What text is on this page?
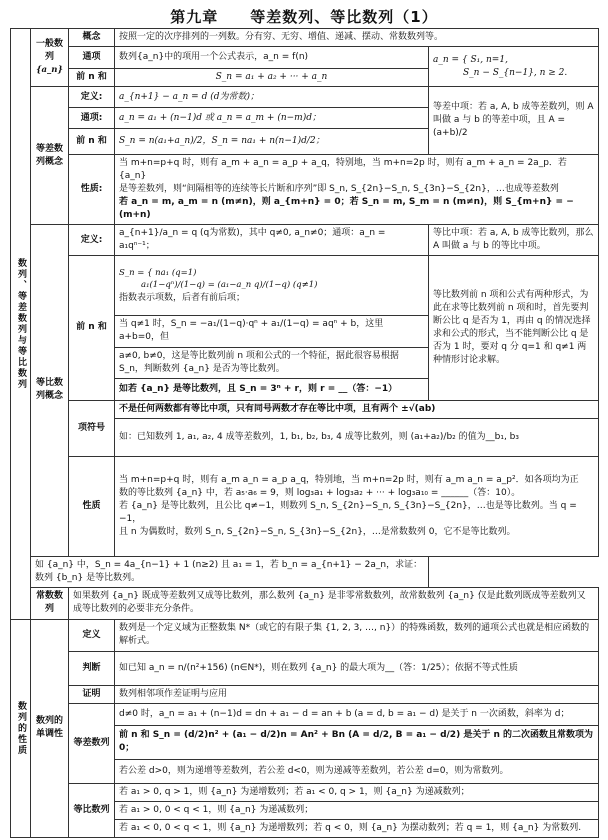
第九章　　等差数列、等比数列（1）
数列、等差数列与等比数列	一般数列
{a_n}	概念	按照一定的次序排列的一列数。分有穷、无穷、增值、递减、摆动、常数数列等。	
		通项	数列{a_n}中的项用一个公式表示，a_n = f(n)	a_n = { S₁, n=1,
S_n − S_{n−1}, n ≥ 2.

		前 n 和	S_n = a₁ + a₂ + ··· + a_n	
	等差数列概念	定义:	a_{n+1} − a_n = d (d为常数)；	等差中项：若 a, A, b 成等差数列，则 A 叫做 a 与 b 的等差中项，且 A = (a+b)/2
		通项:	a_n = a₁ + (n−1)d 或 a_n = a_m + (n−m)d；	
		前 n 和	S_n = n(a₁+a_n)/2，S_n = na₁ + n(n−1)d/2；	
		性质:	当 m+n=p+q 时，则有 a_m + a_n = a_p + a_q，特别地，当 m+n=2p 时，则有 a_m + a_n = 2a_p．若 {a_n}
是等差数列，则“间隔相等的连续等长片断和序列”即 S_n, S_{2n}−S_n, S_{3n}−S_{2n}，…也成等差数列
若 a_n = m, a_m = n (m≠n)，则 a_{m+n} = 0；若 S_n = m, S_m = n (m≠n)，则 S_{m+n} = −(m+n)	

	等比数列概念	定义:	a_{n+1}/a_n = q (q为常数)，其中 q≠0, a_n≠0；通项：a_n = a₁qⁿ⁻¹；	等比中项：若 a, A, b 成等比数列，那么 A 叫做 a 与 b 的等比中项。
		前 n 和	S_n = { na₁ (q=1)
a₁(1−qⁿ)/(1−q) = (a₁−a_n q)/(1−q) (q≠1)
指数表示项数，后者有前后项；	等比数列前 n 项和公式有两种形式，为此在求等比数列前 n 项和时，首先要判断公比 q 是否为 1，再由 q 的情况选择求和公式的形式，当不能判断公比 q 是否为 1 时，要对 q 分 q=1 和 q≠1 两种情形讨论求解。
			当 q≠1 时，S_n = −a₁/(1−q)·qⁿ + a₁/(1−q) = aqⁿ + b，这里 a+b=0，但	
			a≠0, b≠0，这是等比数列前 n 项和公式的一个特征，据此很容易根据 S_n，判断数列 {a_n} 是否为等比数列。	
			如若 {a_n} 是等比数列，且 S_n = 3ⁿ + r，则 r = __（答：−1）	
		项符号	不是任何两数都有等比中项，只有同号两数才存在等比中项，且有两个 ±√(ab)	
			如：已知数列 1, a₁, a₂, 4 成等差数列，1, b₁, b₂, b₃, 4 成等比数列，则 (a₁+a₂)/b₂ 的值为__b₁, b₃	
		性质	当 m+n=p+q 时，则有 a_m a_n = a_p a_q，特别地，当 m+n=2p 时，则有 a_m a_n = a_p²．如各项均为正
数的等比数列 {a_n} 中，若 a₅·a₆ = 9，则 log₃a₁ + log₃a₂ + ··· + log₃a₁₀ = ______（答：10）。
若 {a_n} 是等比数列，且公比 q≠−1，则数列 S_n, S_{2n}−S_n, S_{3n}−S_{2n}，…也是等比数列。当 q = −1，
且 n 为偶数时，数列 S_n, S_{2n}−S_n, S_{3n}−S_{2n}，…是常数数列 0，它不是等比数列。	

	如 {a_n} 中，S_n = 4a_{n−1} + 1 (n≥2) 且 a₁ = 1，若 b_n = a_{n+1} − 2a_n，求证：数列 {b_n} 是等比数列。			
	常数数列	如果数列 {a_n} 既成等差数列又成等比数列，那么数列 {a_n} 是非零常数数列，故常数数列 {a_n} 仅是此数列既成等差数列又成等比数列的必要非充分条件。		
数列的性质	数列的单调性	定义	数列是一个定义域为正整数集 N*（或它的有限子集 {1, 2, 3, …, n}）的特殊函数，数列的通项公式也就是相应函数的解析式。	
		判断	如已知 a_n = n/(n²+156) (n∈N*)，则在数列 {a_n} 的最大项为__（答：1/25）；依据不等式性质	
		证明	数列相邻项作差证明与应用	
		等差数列	d≠0 时，a_n = a₁ + (n−1)d = dn + a₁ − d = an + b (a = d, b = a₁ − d) 是关于 n 一次函数，斜率为 d；	
			前 n 和 S_n = (d/2)n² + (a₁ − d/2)n = An² + Bn (A = d/2, B = a₁ − d/2) 是关于 n 的二次函数且常数项为 0；	
			若公差 d>0，则为递增等差数列，若公差 d<0，则为递减等差数列，若公差 d=0，则为常数列。	
		等比数列	若 a₁ > 0, q > 1，则 {a_n} 为递增数列；若 a₁ < 0, q > 1，则 {a_n} 为递减数列；	
			若 a₁ > 0, 0 < q < 1，则 {a_n} 为递减数列；	
			若 a₁ < 0, 0 < q < 1，则 {a_n} 为递增数列；若 q < 0，则 {a_n} 为摆动数列；若 q = 1，则 {a_n} 为常数列.	
